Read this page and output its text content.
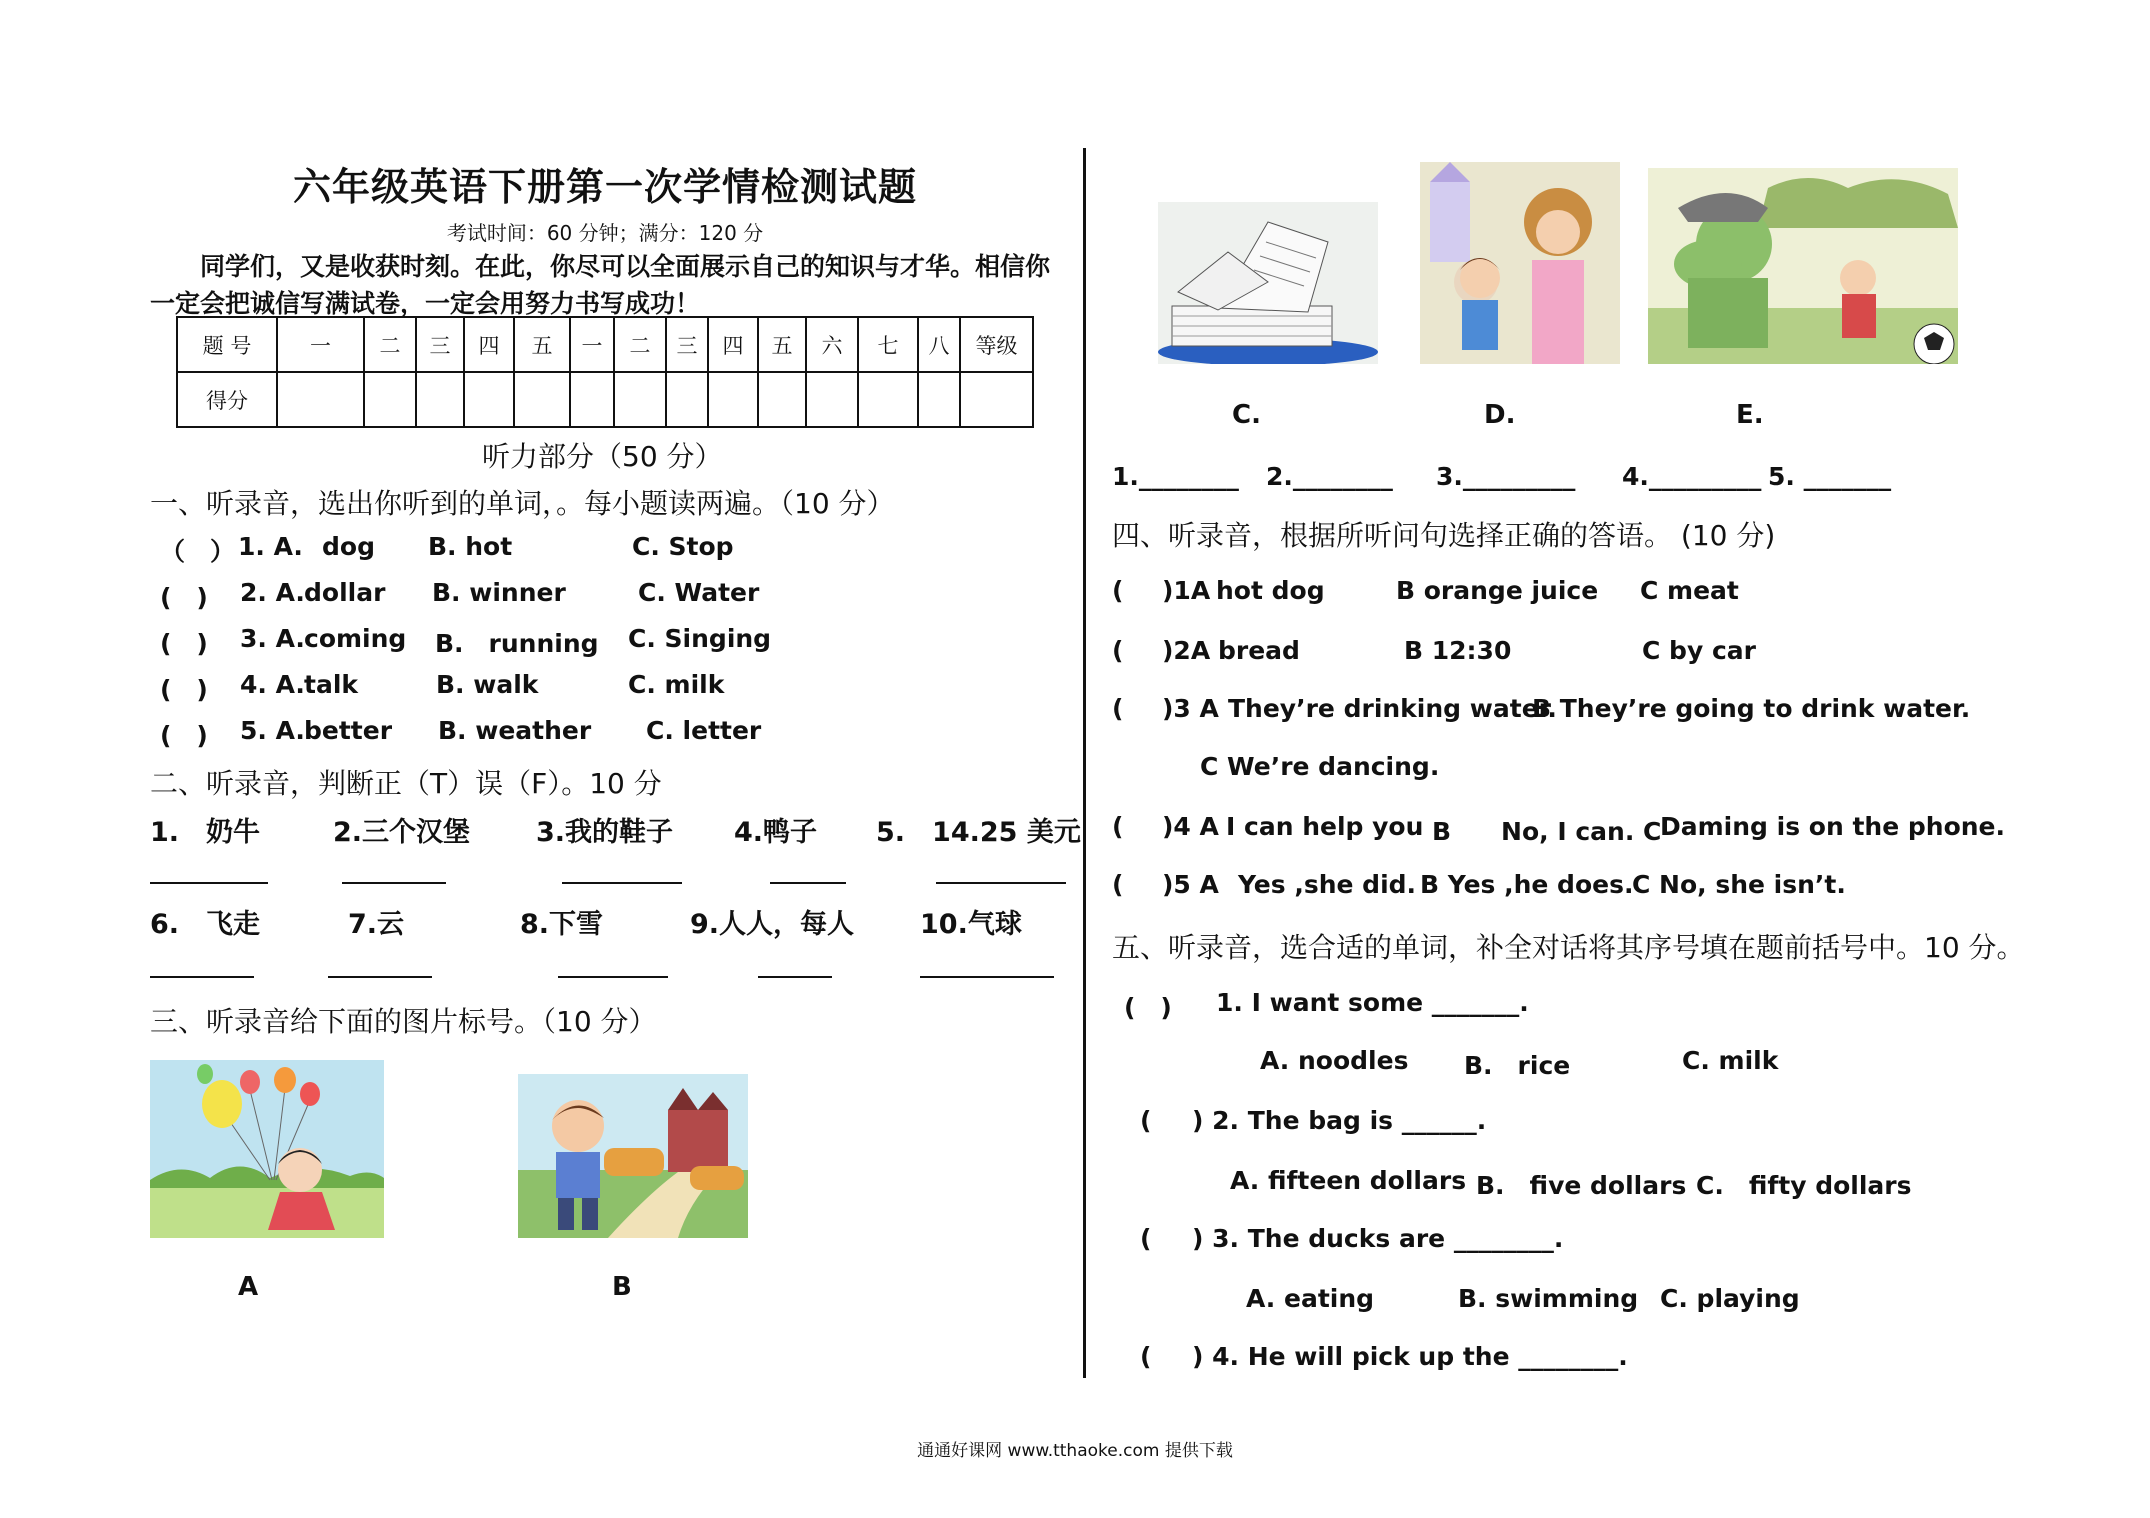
六年级英语下册第一次学情检测试题
考试时间：60 分钟；满分：120 分
同学们，又是收获时刻。在此，你尽可以全面展示自己的知识与才华。相信你一定会把诚信写满试卷，一定会用努力书写成功！
题 号	一	二	三	四	五	一	二	三	四	五	六	七	八	等级
得分														
听力部分（50 分）
一、听录音，选出你听到的单词，。每小题读两遍。（10 分）
（　） 1. A. dog B. hot	C. Stop
(　) 2. A. dollar B. winner	C. Water
(　) 3. A. coming B.　running C. Singing
(　) 4. A. talk	B. walk	C. milk
(　) 5. A. better B. weather C. letter
二、听录音，判断正（T）误（F）。10 分
1.　奶牛	2.三个汉堡 3.我的鞋子 4.鸭子 5.　14.25 美元
6.　飞走	7.云	8.下雪	9.人人，每人 10.气球
三、听录音给下面的图片标号。（10 分）
A	B
C.	D.	E.
1.________ 2.________ 3._________ 4._________ 5. _______
四、听录音，根据所听问句选择正确的答语。 (10 分)
( )1A hot dog	B orange juice C meat
( )2A bread	B 12:30	C by car
( )3 A They’re drinking water.
B They’re going to drink water.
C We’re dancing.
( )4 A I can help you .
B　　No, I can. C
Daming is on the phone.
( )5 A Yes ,she did. B Yes ,he does.
C No, she isn’t.
五、听录音，选合适的单词，补全对话将其序号填在题前括号中。10 分。
(　) 1. I want some _______.
A. noodles B.　rice	C. milk
( ) 2. The bag is ______.
A. fifteen dollars B.　five dollars C.　fifty dollars
( ) 3. The ducks are ________.
A. eating	B. swimming C. playing
( ) 4. He will pick up the ________.
通通好课网 www.tthaoke.com 提供下载
